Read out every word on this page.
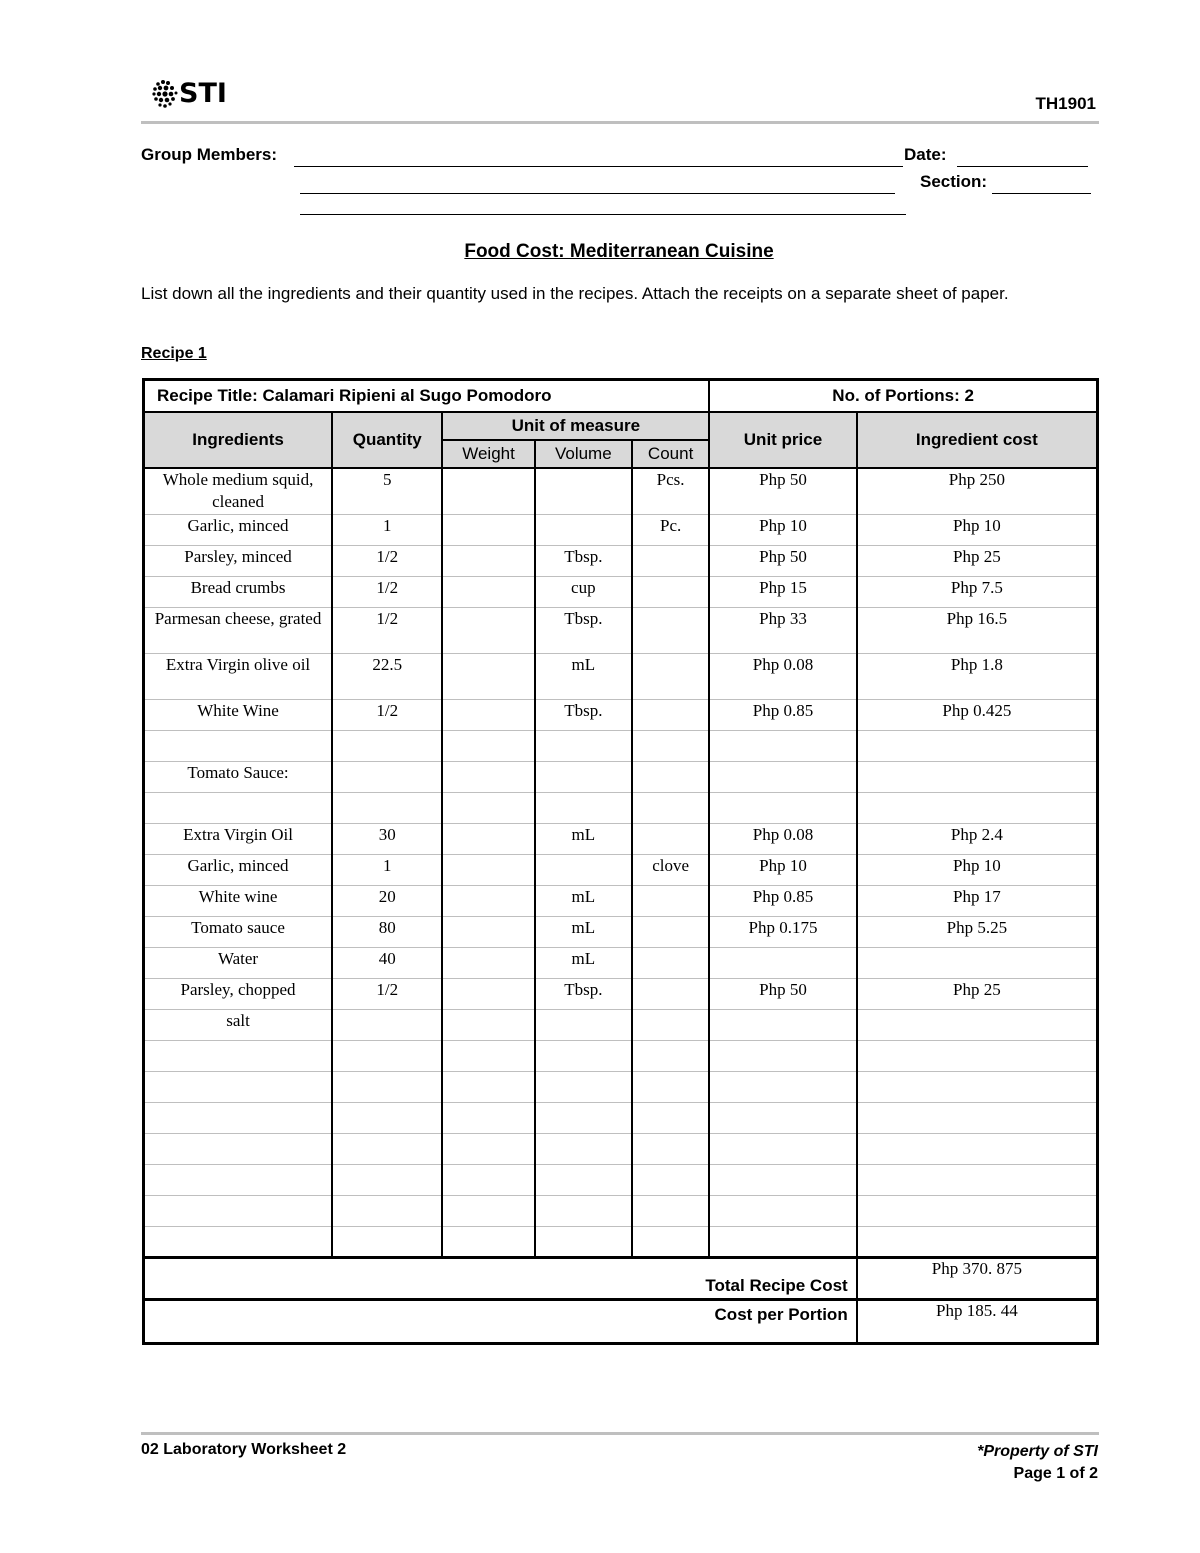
STI	TH1901
Group Members:	Date:
Section:
Food Cost: Mediterranean Cuisine
List down all the ingredients and their quantity used in the recipes. Attach the receipts on a separate sheet of paper.
Recipe 1
Recipe Title: Calamari Ripieni al Sugo Pomodoro					No. of Portions: 2	
Ingredients	Quantity	Unit of measure			Unit price	Ingredient cost
		Weight	Volume	Count		
Whole medium squid, cleaned	5			Pcs.	Php 50	Php 250
Garlic, minced	1			Pc.	Php 10	Php 10
Parsley, minced	1/2		Tbsp.		Php 50	Php 25
Bread crumbs	1/2		cup		Php 15	Php 7.5
Parmesan cheese, grated	1/2		Tbsp.		Php 33	Php 16.5
Extra Virgin olive oil	22.5		mL		Php 0.08	Php 1.8
White Wine	1/2		Tbsp.		Php 0.85	Php 0.425

Tomato Sauce:						

Extra Virgin Oil	30		mL		Php 0.08	Php 2.4
Garlic, minced	1			clove	Php 10	Php 10
White wine	20		mL		Php 0.85	Php 17
Tomato sauce	80		mL		Php 0.175	Php 5.25
Water	40		mL			
Parsley, chopped	1/2		Tbsp.		Php 50	Php 25
salt						

Total Recipe Cost						Php 370. 875
Cost per Portion						Php 185. 44
02 Laboratory Worksheet 2	*Property of STI
Page 1 of 2
